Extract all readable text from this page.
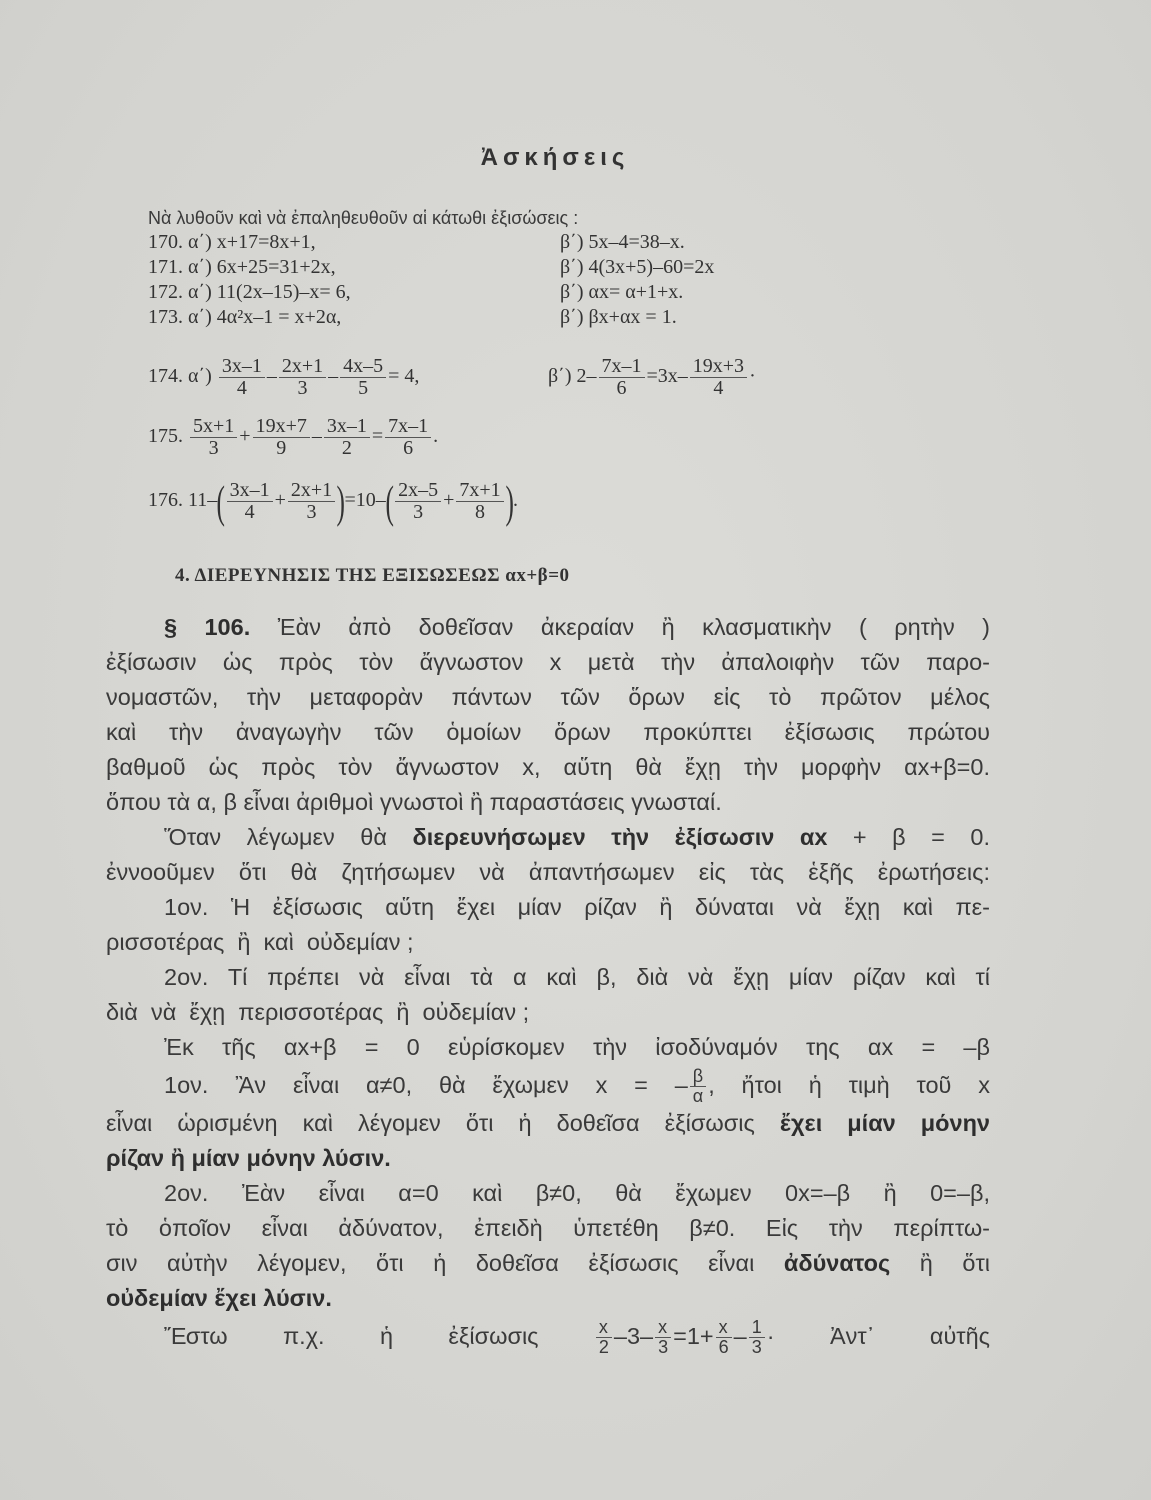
Ἀσκήσεις
Νὰ λυθοῦν καὶ νὰ ἐπαληθευθοῦν αἱ κάτωθι ἐξισώσεις :
170. α΄) x+17=8x+1,	β΄) 5x–4=38–x.
171. α΄) 6x+25=31+2x,	β΄) 4(3x+5)–60=2x
172. α΄) 11(2x–15)–x= 6,	β΄) αx= α+1+x.
173. α΄) 4α²x–1 = x+2α,	β΄) βx+αx = 1.
174. $\alpha΄) \frac{3x-1}{4} - \frac{2x+1}{3} - \frac{4x-5}{5} = 4$,	β΄) $2- \frac{7x-1}{6} =3x- \frac{19x+3}{4}$ ·
175. $\frac{5x+1}{3} + \frac{19x+7}{9} - \frac{3x-1}{2} = \frac{7x-1}{6}$ .
176. $11-( \frac{3x-1}{4} + \frac{2x+1}{3} )=10-( \frac{2x-5}{3} + \frac{7x+1}{8}$ ).
4. ΔΙΕΡΕΥΝΗΣΙΣ ΤΗΣ ΕΞΙΣΩΣΕΩΣ αx+β=0
§ 106. Ἐὰν ἀπὸ δοθεῖσαν ἀκεραίαν ἢ κλασματικὴν ( ρητὴν )
ἐξίσωσιν ὡς πρὸς τὸν ἄγνωστον x μετὰ τὴν ἀπαλοιφὴν τῶν παρο-
νομαστῶν, τὴν μεταφορὰν πάντων τῶν ὅρων εἰς τὸ πρῶτον μέλος
καὶ τὴν ἀναγωγὴν τῶν ὁμοίων ὅρων προκύπτει ἐξίσωσις πρώτου
βαθμοῦ ὡς πρὸς τὸν ἄγνωστον x, αὕτη θὰ ἔχῃ τὴν μορφὴν αx+β=0.
ὅπου τὰ α, β εἶναι ἀριθμοὶ γνωστοὶ ἢ παραστάσεις γνωσταί.
Ὅταν λέγωμεν θὰ διερευνήσωμεν τὴν ἐξίσωσιν αx + β = 0.
ἐννοοῦμεν ὅτι θὰ ζητήσωμεν νὰ ἀπαντήσωμεν εἰς τὰς ἑξῆς ἐρωτήσεις:
1ον. Ἡ ἐξίσωσις αὕτη ἔχει μίαν ρίζαν ἢ δύναται νὰ ἔχῃ καὶ πε-
ρισσοτέρας  ἢ  καὶ  οὐδεμίαν ;
2ον. Τί πρέπει νὰ εἶναι τὰ α καὶ β, διὰ νὰ ἔχῃ μίαν ρίζαν καὶ τί
διὰ  νὰ  ἔχῃ  περισσοτέρας  ἢ  οὐδεμίαν ;
Ἐκ τῆς αx+β = 0 εὑρίσκομεν τὴν ἰσοδύναμόν της αx = –β
1ον. Ἂν εἶναι α≠0, θὰ ἔχωμεν x = – $\frac{\beta}{\alpha}$ , ἤτοι ἡ τιμὴ τοῦ x
εἶναι ὡρισμένη καὶ λέγομεν ὅτι ἡ δοθεῖσα ἐξίσωσις ἔχει μίαν μόνην
ρίζαν ἢ μίαν μόνην λύσιν.
2ον. Ἐὰν εἶναι α=0 καὶ β≠0, θὰ ἔχωμεν 0x=–β ἢ 0=–β,
τὸ ὁποῖον εἶναι ἀδύνατον, ἐπειδὴ ὑπετέθη β≠0. Εἰς τὴν περίπτω-
σιν αὐτὴν λέγομεν, ὅτι ἡ δοθεῖσα ἐξίσωσις εἶναι ἀδύνατος ἢ ὅτι
οὐδεμίαν ἔχει λύσιν.
Ἔστω π.χ. ἡ ἐξίσωσις $\frac{x}{2} -3- \frac{x}{3} =1+ \frac{x}{6} - \frac{1}{3}$ · Ἀντ᾽ αὐτῆς
